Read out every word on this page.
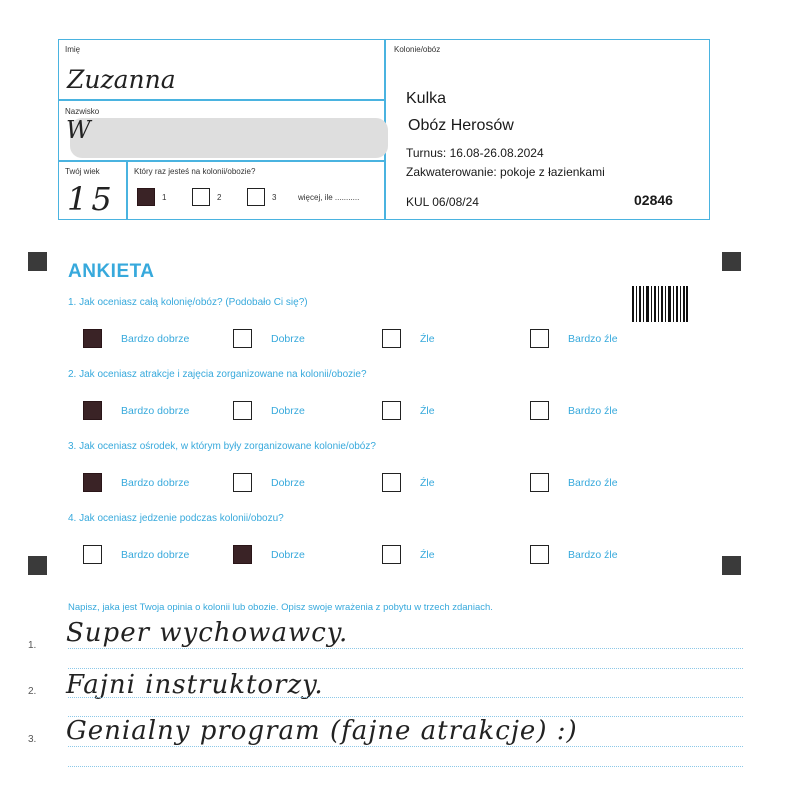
Imię
Zuzanna
Nazwisko
Twój wiek
15
Który raz jesteś na kolonii/obozie?
Kolonie/obóz
Kulka
Obóz Herosów
Turnus: 16.08-26.08.2024
Zakwaterowanie: pokoje z łazienkami
KUL 06/08/24	02846
W
1	2	3	więcej, ile ...........
ANKIETA
1. Jak oceniasz całą kolonię/obóz? (Podobało Ci się?)
Bardzo dobrze	Dobrze	Źle	Bardzo źle
2. Jak oceniasz atrakcje i zajęcia zorganizowane na kolonii/obozie?
Bardzo dobrze	Dobrze	Źle	Bardzo źle
3. Jak oceniasz ośrodek, w którym były zorganizowane kolonie/obóz?
Bardzo dobrze	Dobrze	Źle	Bardzo źle
4. Jak oceniasz jedzenie podczas kolonii/obozu?
Bardzo dobrze	Dobrze	Źle	Bardzo źle
Napisz, jaka jest Twoja opinia o kolonii lub obozie. Opisz swoje wrażenia z pobytu w trzech zdaniach.
1. Super wychowawcy.
2. Fajni instruktorzy.
3. Genialny program (fajne atrakcje) :)
